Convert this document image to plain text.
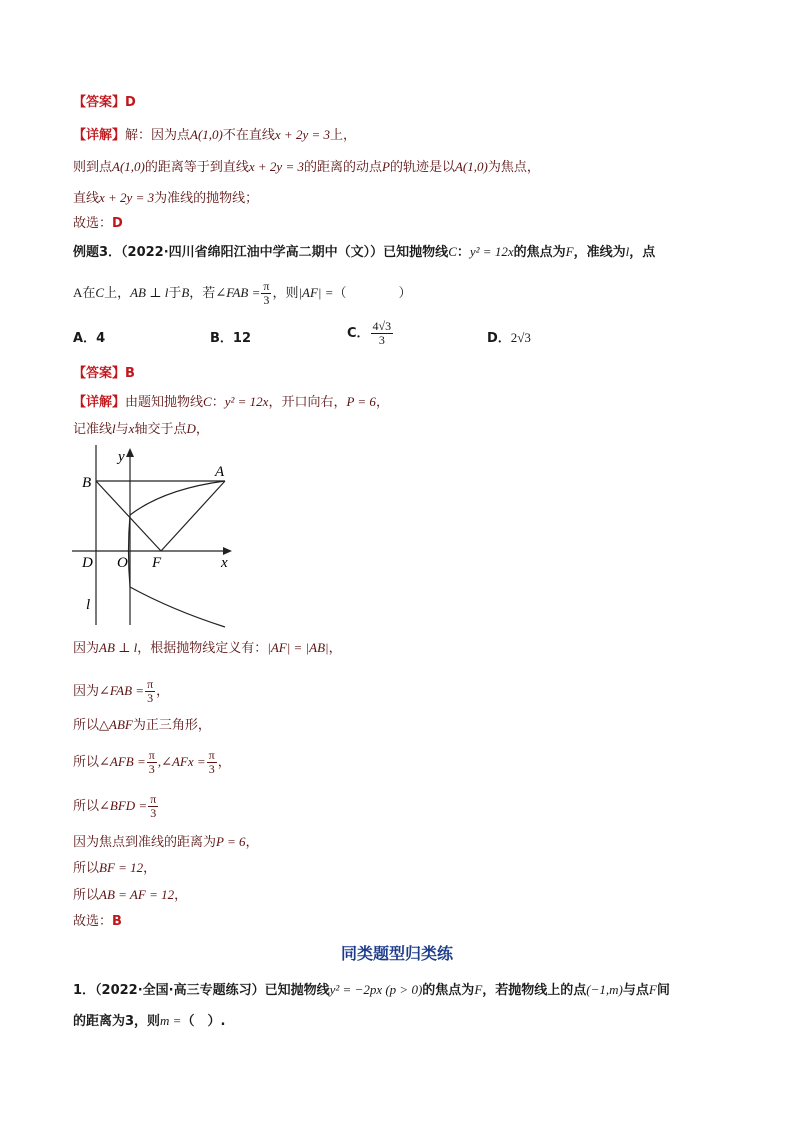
【答案】D
【详解】解：因为点A(1,0)不在直线x + 2y = 3上，
则到点A(1,0)的距离等于到直线x + 2y = 3的距离的动点P的轨迹是以A(1,0)为焦点，
直线x + 2y = 3为准线的抛物线；
故选：D
例题3．（2022·四川省绵阳江油中学高二期中（文））已知抛物线C：y² = 12x的焦点为F，准线为l，点
A在C上，AB ⊥ l于B，若∠FAB = $\frac{\pi}{3}$ ，则|AF| =（　　　　）
A．4	B．12	C． $\frac{4√3}{3}$	D．2√3
【答案】B
【详解】由题知抛物线C：y² = 12x，开口向右，P = 6，
记准线l与x轴交于点D，
y
A
B
D O F	x
l
因为AB ⊥ l，根据抛物线定义有：|AF| = |AB|，
因为∠FAB = $\frac{\pi}{3}$ ，
所以△ABF为正三角形，
所以∠AFB = $\frac{\pi}{3}$ ,∠AFx = $\frac{\pi}{3}$ ，
所以∠BFD = $\frac{\pi}{3}$
因为焦点到准线的距离为P = 6，
所以BF = 12，
所以AB = AF = 12，
故选：B
同类题型归类练
1．（2022·全国·高三专题练习）已知抛物线y² = −2px (p > 0)的焦点为F，若抛物线上的点(−1,m)与点F间
的距离为3，则m =（　）.
